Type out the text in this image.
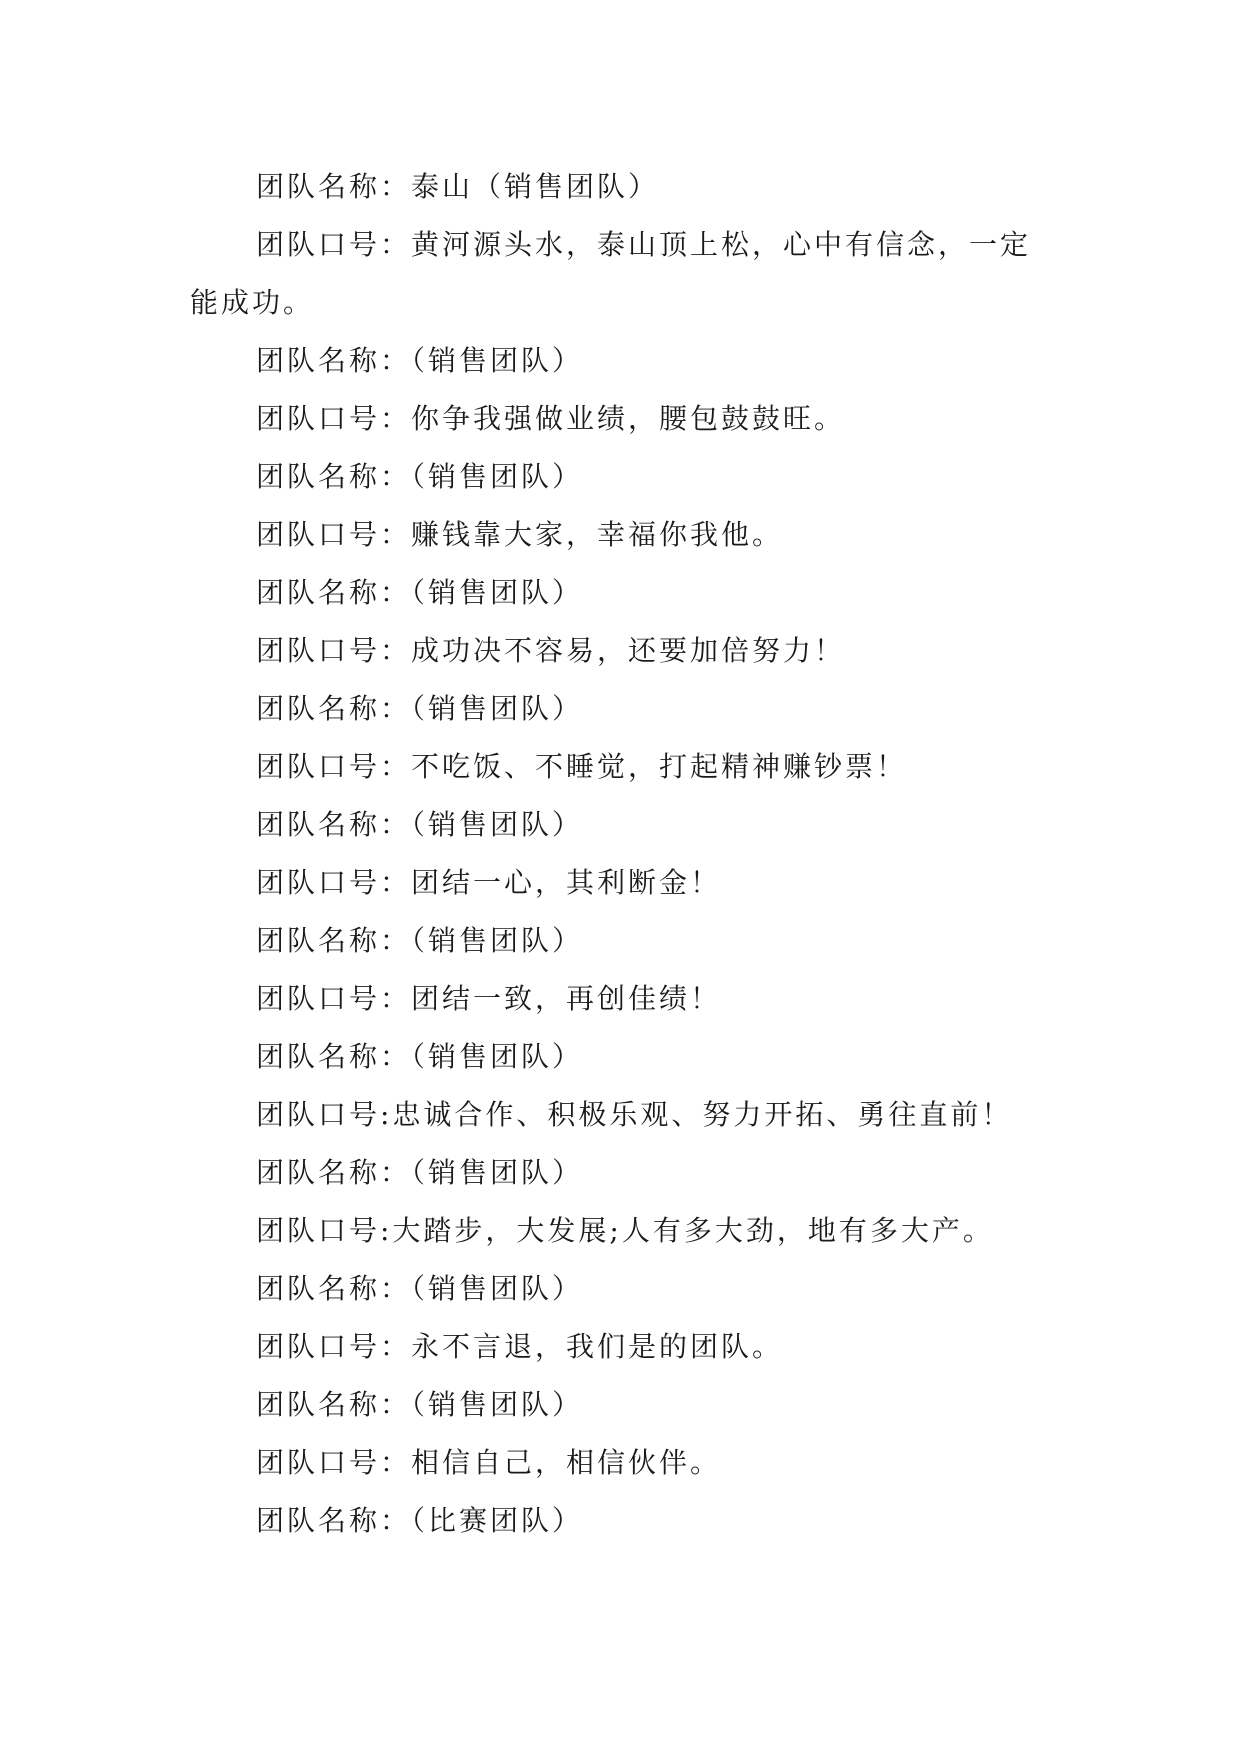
团队名称：泰山（销售团队）

团队口号：黄河源头水，泰山顶上松，心中有信念，一定能成功。

团队名称：（销售团队）

团队口号：你争我强做业绩，腰包鼓鼓旺。

团队名称：（销售团队）

团队口号：赚钱靠大家，幸福你我他。

团队名称：（销售团队）

团队口号：成功决不容易，还要加倍努力！

团队名称：（销售团队）

团队口号：不吃饭、不睡觉，打起精神赚钞票！

团队名称：（销售团队）

团队口号：团结一心，其利断金！

团队名称：（销售团队）

团队口号：团结一致，再创佳绩！

团队名称：（销售团队）

团队口号:忠诚合作、积极乐观、努力开拓、勇往直前！

团队名称：（销售团队）

团队口号:大踏步，大发展;人有多大劲，地有多大产。

团队名称：（销售团队）

团队口号：永不言退，我们是的团队。

团队名称：（销售团队）

团队口号：相信自己，相信伙伴。

团队名称：（比赛团队）
